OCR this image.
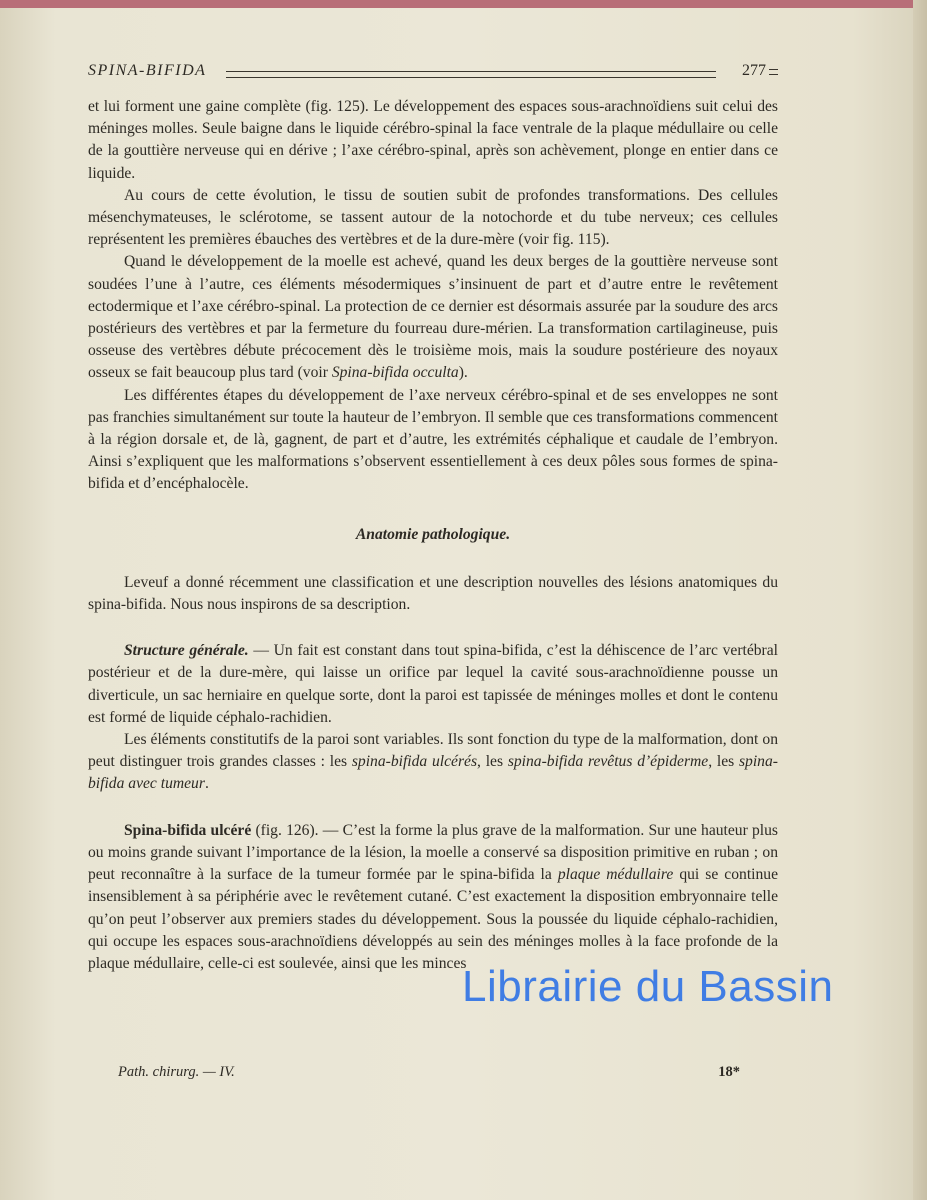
SPINA-BIFIDA	277

et lui forment une gaine complète (fig. 125). Le développement des espaces sous-arachnoïdiens suit celui des méninges molles. Seule baigne dans le liquide cérébro-spinal la face ventrale de la plaque médullaire ou celle de la gouttière nerveuse qui en dérive ; l’axe cérébro-spinal, après son achèvement, plonge en entier dans ce liquide.

Au cours de cette évolution, le tissu de soutien subit de profondes transformations. Des cellules mésenchymateuses, le sclérotome, se tassent autour de la notochorde et du tube nerveux; ces cellules représentent les premières ébauches des vertèbres et de la dure-mère (voir fig. 115).

Quand le développement de la moelle est achevé, quand les deux berges de la gouttière nerveuse sont soudées l’une à l’autre, ces éléments mésodermiques s’insinuent de part et d’autre entre le revêtement ectodermique et l’axe cérébro-spinal. La protection de ce dernier est désormais assurée par la soudure des arcs postérieurs des vertèbres et par la fermeture du fourreau dure-mérien. La transformation cartilagineuse, puis osseuse des vertèbres débute précocement dès le troisième mois, mais la soudure postérieure des noyaux osseux se fait beaucoup plus tard (voir Spina-bifida occulta).

Les différentes étapes du développement de l’axe nerveux cérébro-spinal et de ses enveloppes ne sont pas franchies simultanément sur toute la hauteur de l’embryon. Il semble que ces transformations commencent à la région dorsale et, de là, gagnent, de part et d’autre, les extrémités céphalique et caudale de l’embryon. Ainsi s’expliquent que les malformations s’observent essentiellement à ces deux pôles sous formes de spina-bifida et d’encéphalocèle.

Anatomie pathologique.

Leveuf a donné récemment une classification et une description nouvelles des lésions anatomiques du spina-bifida. Nous nous inspirons de sa description.

Structure générale. — Un fait est constant dans tout spina-bifida, c’est la déhiscence de l’arc vertébral postérieur et de la dure-mère, qui laisse un orifice par lequel la cavité sous-arachnoïdienne pousse un diverticule, un sac herniaire en quelque sorte, dont la paroi est tapissée de méninges molles et dont le contenu est formé de liquide céphalo-rachidien.

Les éléments constitutifs de la paroi sont variables. Ils sont fonction du type de la malformation, dont on peut distinguer trois grandes classes : les spina-bifida ulcérés, les spina-bifida revêtus d’épiderme, les spina-bifida avec tumeur.

Spina-bifida ulcéré (fig. 126). — C’est la forme la plus grave de la malformation. Sur une hauteur plus ou moins grande suivant l’importance de la lésion, la moelle a conservé sa disposition primitive en ruban ; on peut reconnaître à la surface de la tumeur formée par le spina-bifida la plaque médullaire qui se continue insensiblement à sa périphérie avec le revêtement cutané. C’est exactement la disposition embryonnaire telle qu’on peut l’observer aux premiers stades du développement. Sous la poussée du liquide céphalo-rachidien, qui occupe les espaces sous-arachnoïdiens développés au sein des méninges molles à la face profonde de la plaque médullaire, celle-ci est soulevée, ainsi que les minces

Path. chirurg. — IV.	18*
Librairie du Bassin
